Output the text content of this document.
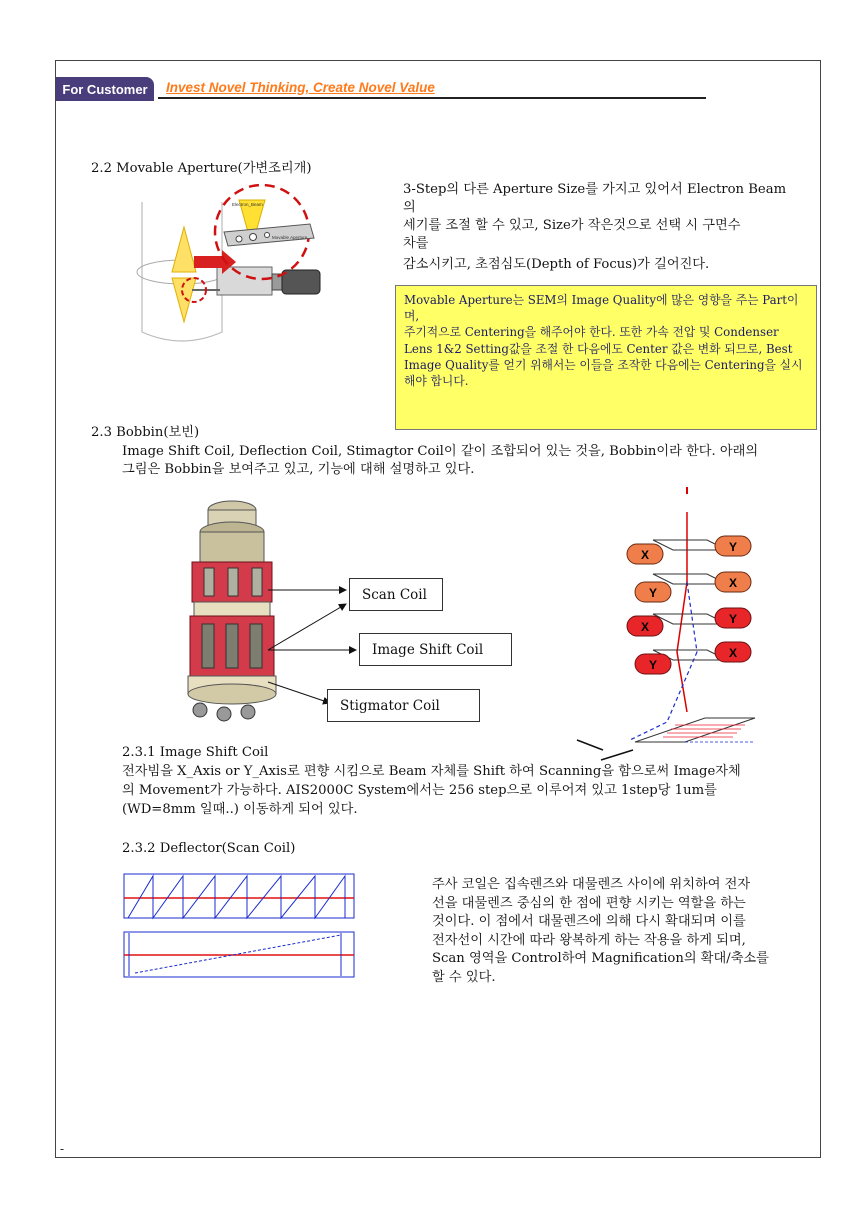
For Customer	Invest Novel Thinking, Create Novel Value
2.2 Movable Aperture(가변조리개)
3-Step의 다른 Aperture Size를 가지고 있어서 Electron Beam
의
세기를 조절 할 수 있고, Size가 작은것으로 선택 시 구면수
차를
감소시키고, 초점심도(Depth of Focus)가 길어진다.
Electron_Beam
Movable Aperture

Movable Aperture는 SEM의 Image Quality에 많은 영향을 주는 Part이며,

주기적으로 Centering을 해주어야 한다. 또한 가속 전압 및 Condenser

Lens 1&2 Setting값을 조절 한 다음에도 Center 값은 변화 되므로, Best

Image Quality를 얻기 위해서는 이들을 조작한 다음에는 Centering을 실시

해야 합니다.

2.3 Bobbin(보빈)
Image Shift Coil, Deflection Coil, Stimagtor Coil이 같이 조합되어 있는 것을, Bobbin이라 한다. 아래의
그림은 Bobbin을 보여주고 있고, 기능에 대해 설명하고 있다.
Scan Coil
Image Shift Coil
Stigmator Coil
X
Y
Y
X
X
Y
Y
X
2.3.1 Image Shift Coil
전자빔을 X_Axis or Y_Axis로 편향 시킴으로 Beam 자체를 Shift 하여 Scanning을 함으로써 Image자체
의 Movement가 가능하다. AIS2000C System에서는 256 step으로 이루어져 있고 1step당 1um를
(WD=8mm 일때..) 이동하게 되어 있다.
2.3.2 Deflector(Scan Coil)

주사 코일은 집속렌즈와 대물렌즈 사이에 위치하여 전자

선을 대물렌즈 중심의 한 점에 편향 시키는 역할을 하는

것이다. 이 점에서 대물렌즈에 의해 다시 확대되며 이를

전자선이 시간에 따라 왕복하게 하는 작용을 하게 되며,

Scan 영역을 Control하여 Magnification의 확대/축소를

할 수 있다.

-
